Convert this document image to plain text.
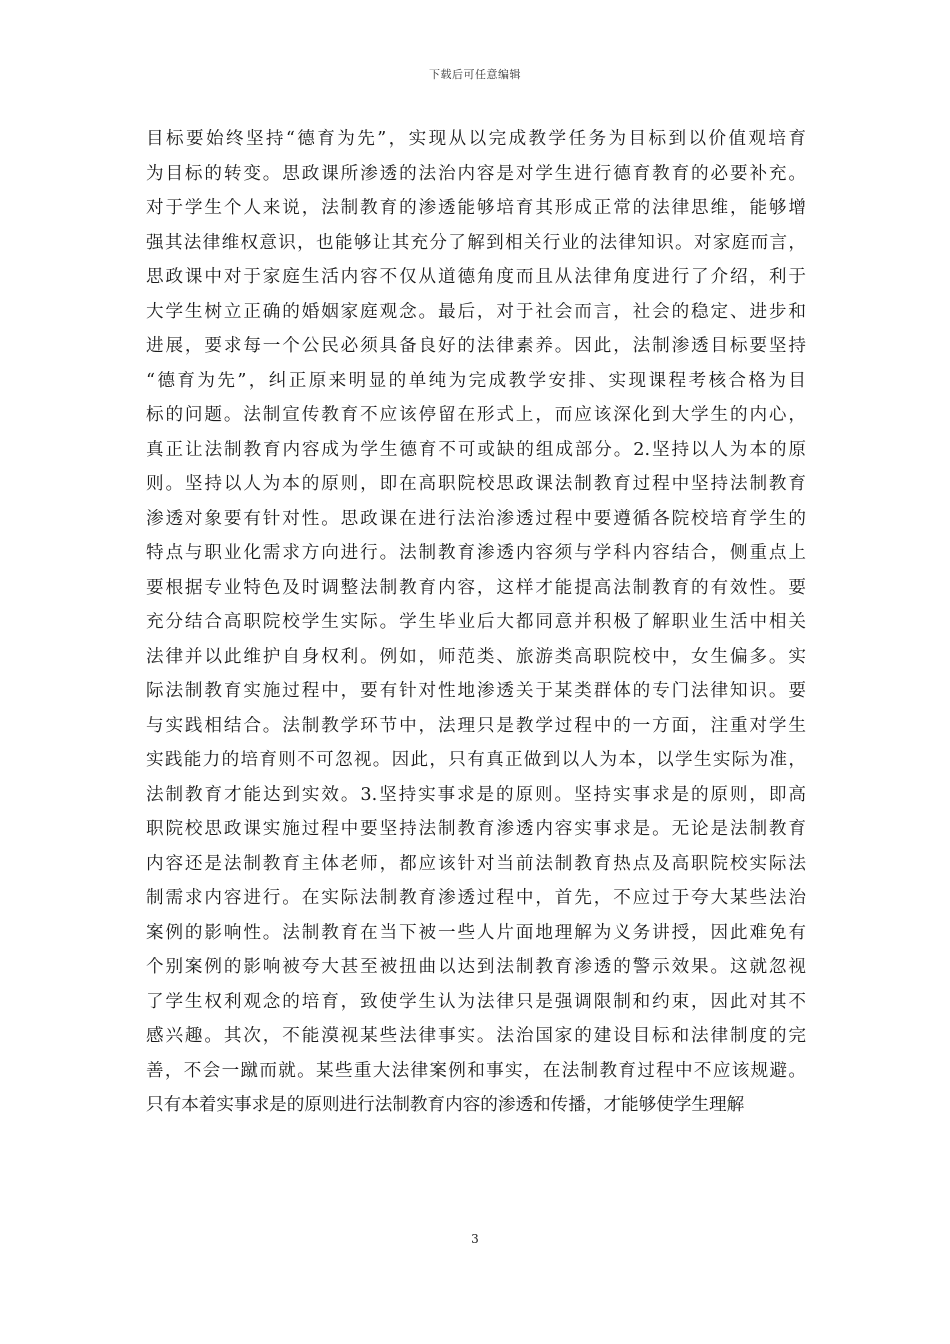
下载后可任意编辑
目标要始终坚持“德育为先”，实现从以完成教学任务为目标到以价值观培育
为目标的转变。思政课所渗透的法治内容是对学生进行德育教育的必要补充。
对于学生个人来说，法制教育的渗透能够培育其形成正常的法律思维，能够增
强其法律维权意识，也能够让其充分了解到相关行业的法律知识。对家庭而言，
思政课中对于家庭生活内容不仅从道德角度而且从法律角度进行了介绍，利于
大学生树立正确的婚姻家庭观念。最后，对于社会而言，社会的稳定、进步和
进展，要求每一个公民必须具备良好的法律素养。因此，法制渗透目标要坚持
“德育为先”，纠正原来明显的单纯为完成教学安排、实现课程考核合格为目
标的问题。法制宣传教育不应该停留在形式上，而应该深化到大学生的内心，
真正让法制教育内容成为学生德育不可或缺的组成部分。2.坚持以人为本的原
则。坚持以人为本的原则，即在高职院校思政课法制教育过程中坚持法制教育
渗透对象要有针对性。思政课在进行法治渗透过程中要遵循各院校培育学生的
特点与职业化需求方向进行。法制教育渗透内容须与学科内容结合，侧重点上
要根据专业特色及时调整法制教育内容，这样才能提高法制教育的有效性。要
充分结合高职院校学生实际。学生毕业后大都同意并积极了解职业生活中相关
法律并以此维护自身权利。例如，师范类、旅游类高职院校中，女生偏多。实
际法制教育实施过程中，要有针对性地渗透关于某类群体的专门法律知识。要
与实践相结合。法制教学环节中，法理只是教学过程中的一方面，注重对学生
实践能力的培育则不可忽视。因此，只有真正做到以人为本，以学生实际为准，
法制教育才能达到实效。3.坚持实事求是的原则。坚持实事求是的原则，即高
职院校思政课实施过程中要坚持法制教育渗透内容实事求是。无论是法制教育
内容还是法制教育主体老师，都应该针对当前法制教育热点及高职院校实际法
制需求内容进行。在实际法制教育渗透过程中，首先，不应过于夸大某些法治
案例的影响性。法制教育在当下被一些人片面地理解为义务讲授，因此难免有
个别案例的影响被夸大甚至被扭曲以达到法制教育渗透的警示效果。这就忽视
了学生权利观念的培育，致使学生认为法律只是强调限制和约束，因此对其不
感兴趣。其次，不能漠视某些法律事实。法治国家的建设目标和法律制度的完
善，不会一蹴而就。某些重大法律案例和事实，在法制教育过程中不应该规避。
只有本着实事求是的原则进行法制教育内容的渗透和传播，才能够使学生理解
3
